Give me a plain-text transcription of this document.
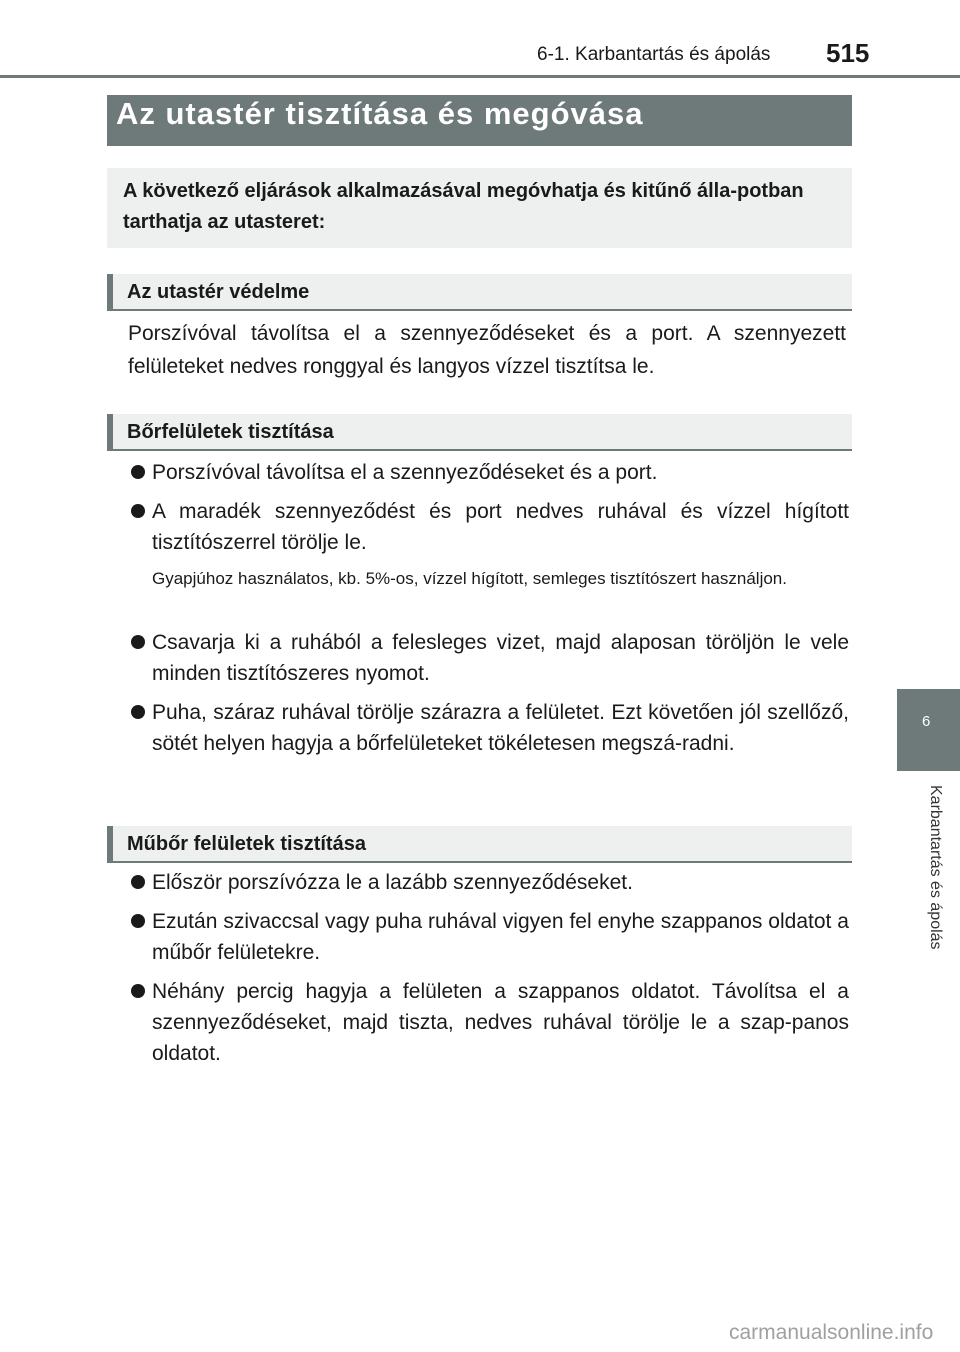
6-1. Karbantartás és ápolás 515
Az utastér tisztítása és megóvása
A következő eljárások alkalmazásával megóvhatja és kitűnő álla-potban tarthatja az utasteret:
Az utastér védelme
Porszívóval távolítsa el a szennyeződéseket és a port. A szennyezett felületeket nedves ronggyal és langyos vízzel tisztítsa le.
Bőrfelületek tisztítása
Porszívóval távolítsa el a szennyeződéseket és a port.
A maradék szennyeződést és port nedves ruhával és vízzel hígított tisztítószerrel törölje le.
Gyapjúhoz használatos, kb. 5%-os, vízzel hígított, semleges tisztítószert használjon.
Csavarja ki a ruhából a felesleges vizet, majd alaposan töröljön le vele minden tisztítószeres nyomot.
Puha, száraz ruhával törölje szárazra a felületet. Ezt követően jól szellőző, sötét helyen hagyja a bőrfelületeket tökéletesen megszá-radni.
Műbőr felületek tisztítása
Először porszívózza le a lazább szennyeződéseket.
Ezután szivaccsal vagy puha ruhával vigyen fel enyhe szappanos oldatot a műbőr felületekre.
Néhány percig hagyja a felületen a szappanos oldatot. Távolítsa el a szennyeződéseket, majd tiszta, nedves ruhával törölje le a szap-panos oldatot.
6
Karbantartás és ápolás
carmanualsonline.info
